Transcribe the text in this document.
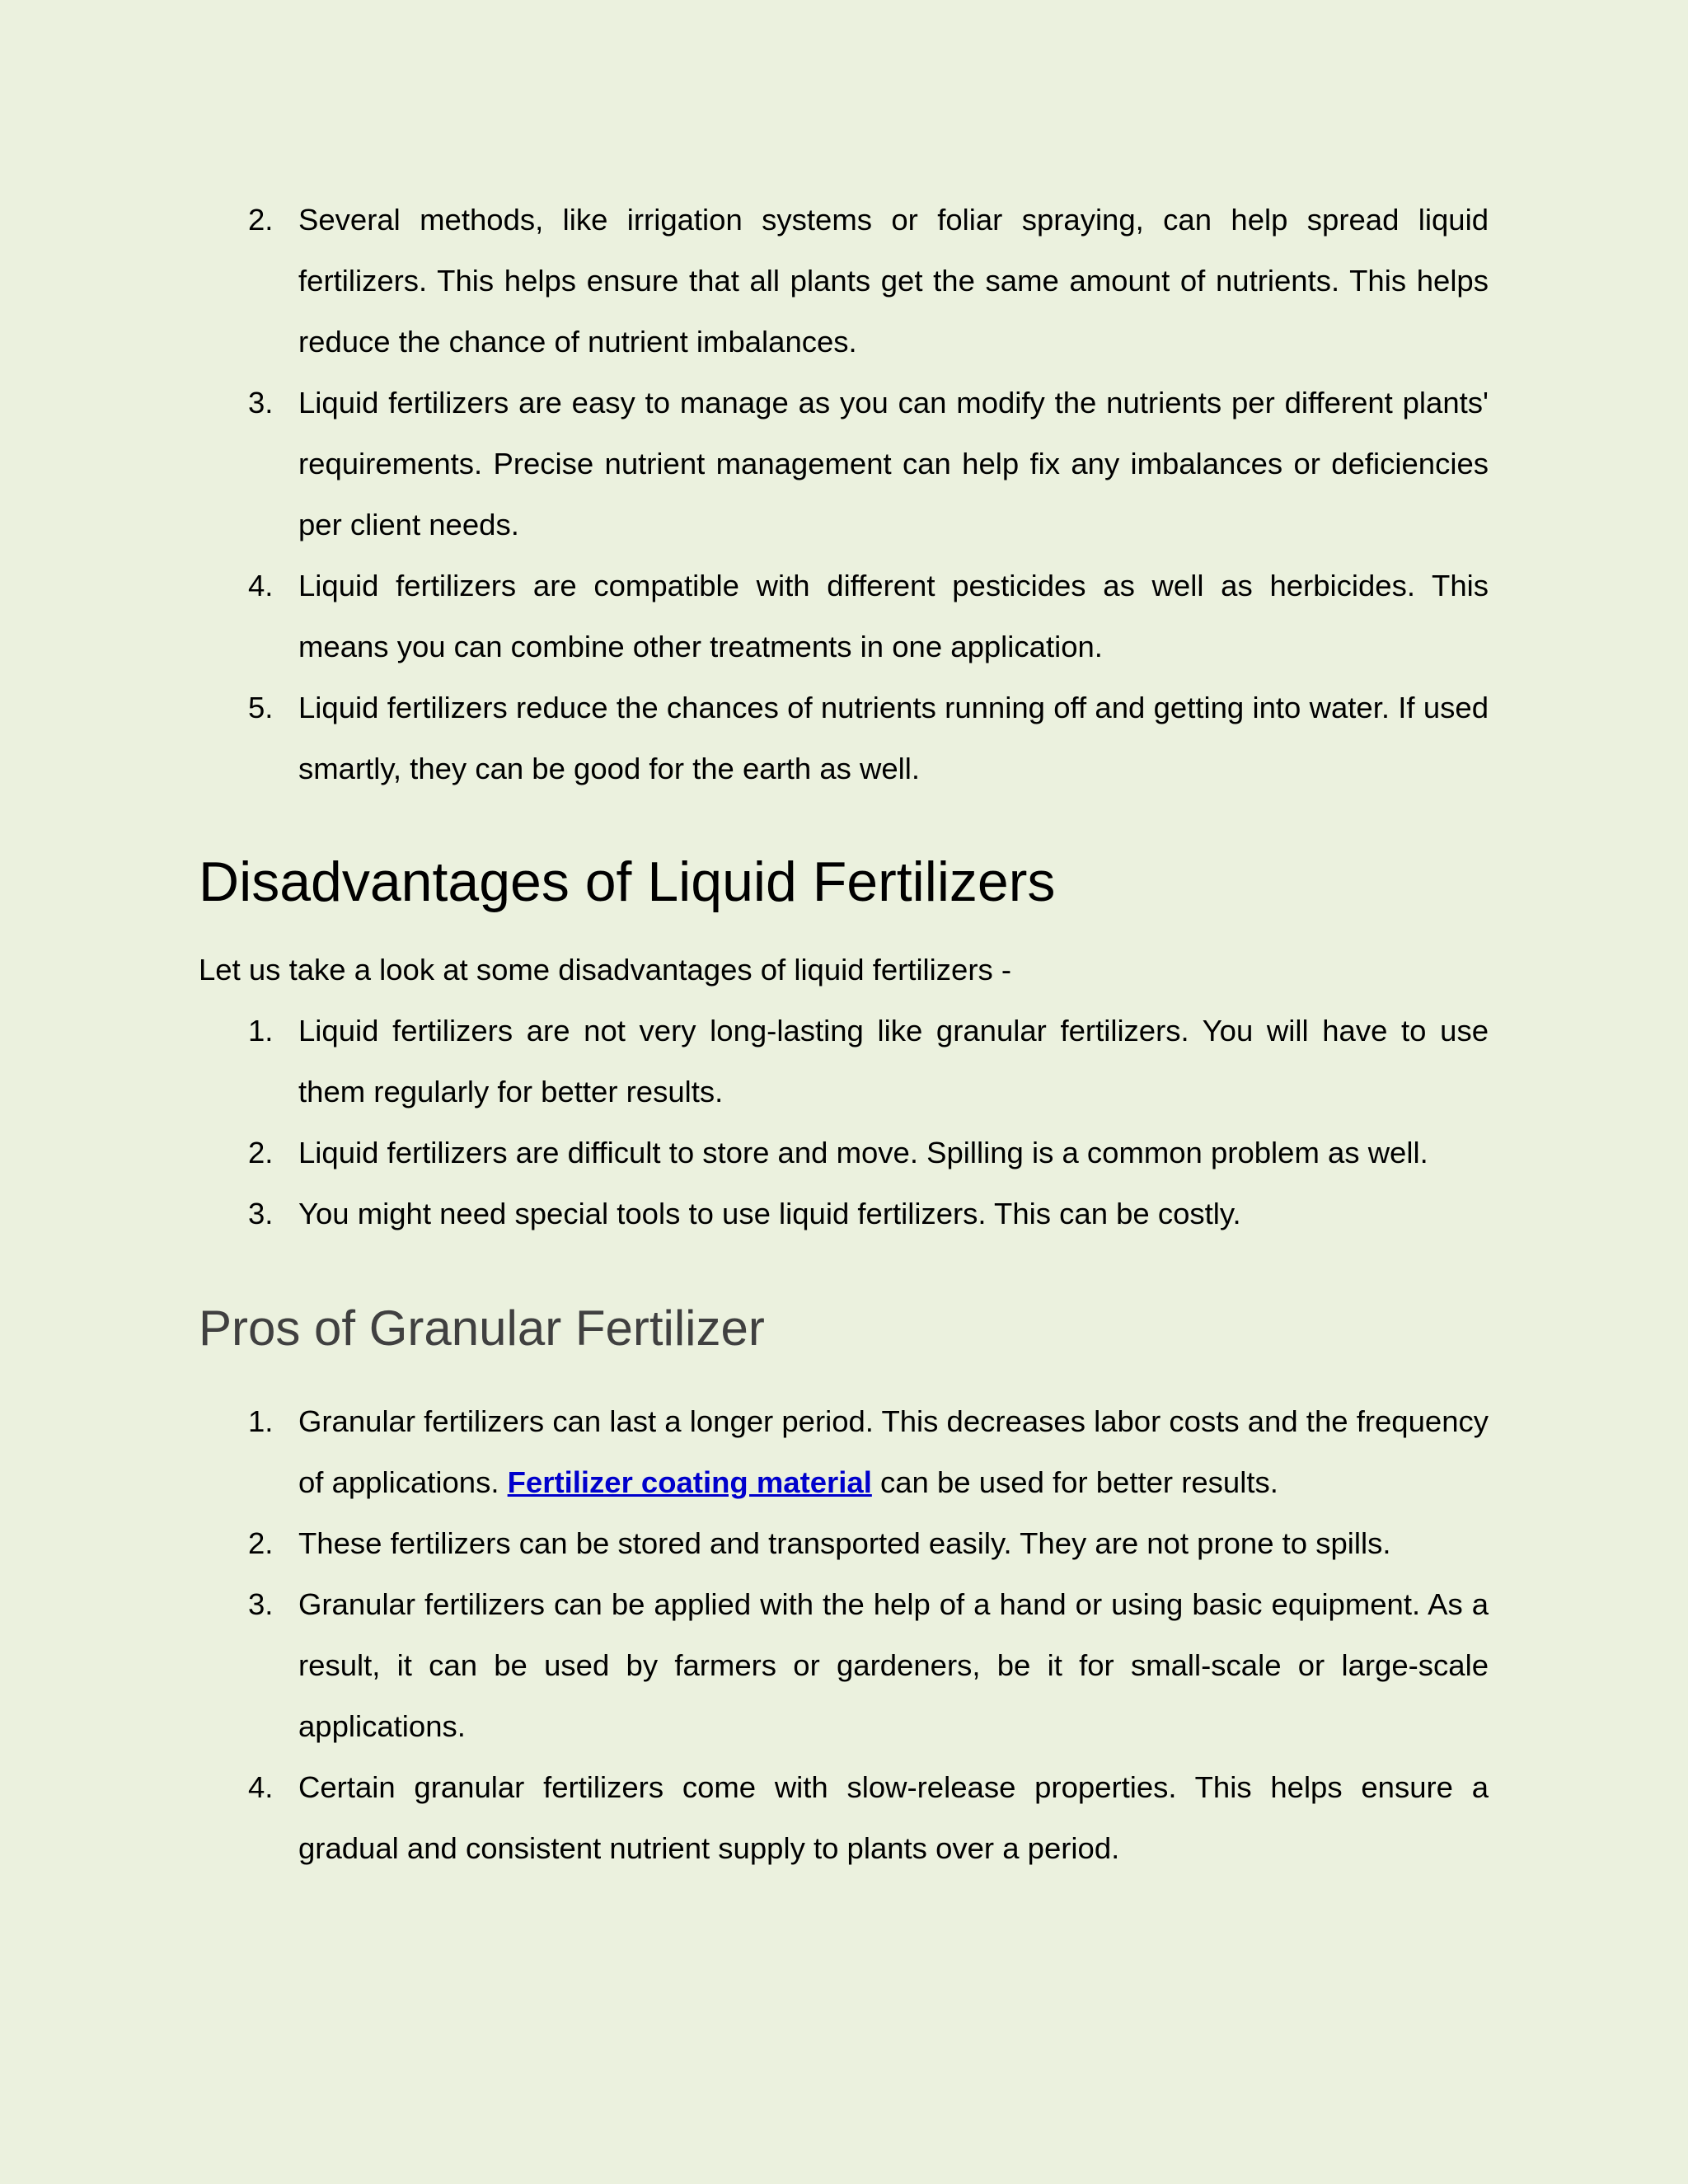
2. Several methods, like irrigation systems or foliar spraying, can help spread liquid fertilizers. This helps ensure that all plants get the same amount of nutrients. This helps reduce the chance of nutrient imbalances.
3. Liquid fertilizers are easy to manage as you can modify the nutrients per different plants' requirements. Precise nutrient management can help fix any imbalances or deficiencies per client needs.
4. Liquid fertilizers are compatible with different pesticides as well as herbicides. This means you can combine other treatments in one application.
5. Liquid fertilizers reduce the chances of nutrients running off and getting into water. If used smartly, they can be good for the earth as well.
Disadvantages of Liquid Fertilizers

Let us take a look at some disadvantages of liquid fertilizers -

1. Liquid fertilizers are not very long-lasting like granular fertilizers. You will have to use them regularly for better results.
2. Liquid fertilizers are difficult to store and move. Spilling is a common problem as well.
3. You might need special tools to use liquid fertilizers. This can be costly.
Pros of Granular Fertilizer
1. Granular fertilizers can last a longer period. This decreases labor costs and the frequency of applications. Fertilizer coating material can be used for better results.
2. These fertilizers can be stored and transported easily. They are not prone to spills.
3. Granular fertilizers can be applied with the help of a hand or using basic equipment. As a result, it can be used by farmers or gardeners, be it for small-scale or large-scale applications.
4. Certain granular fertilizers come with slow-release properties. This helps ensure a gradual and consistent nutrient supply to plants over a period.
